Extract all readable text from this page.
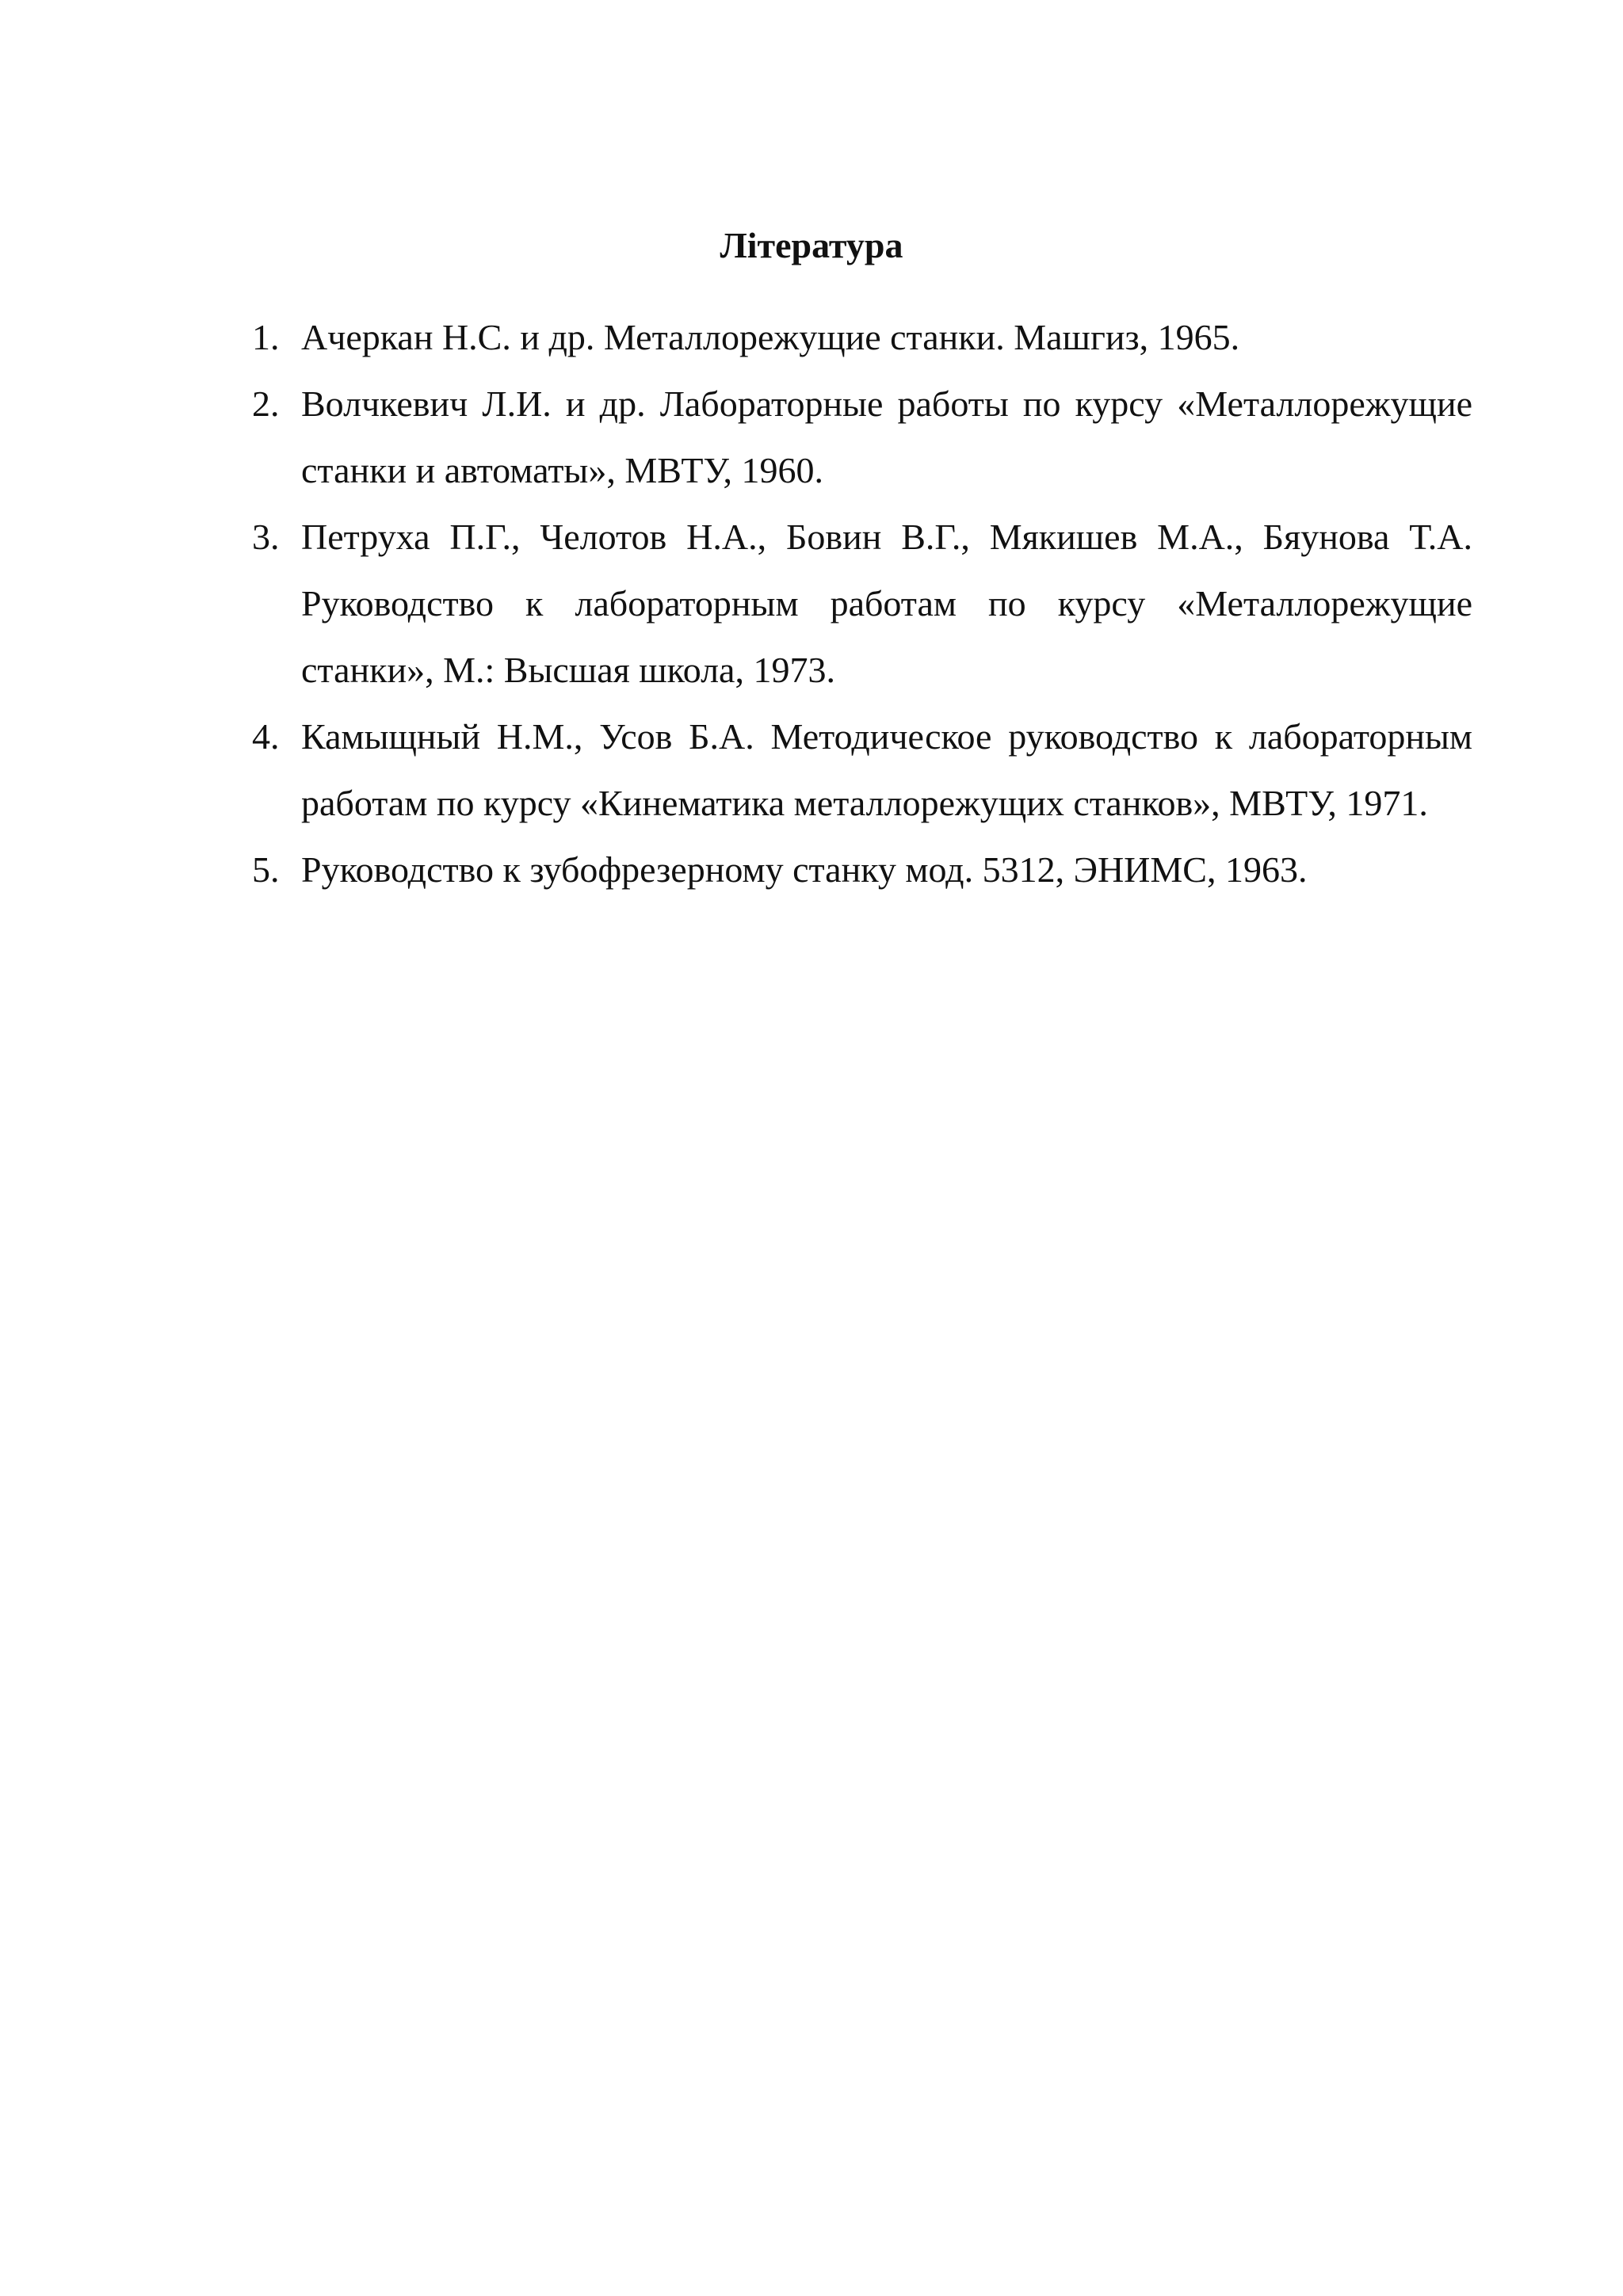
Література
1. Ачеркан Н.С. и др. Металлорежущие станки. Машгиз, 1965.
2. Волчкевич Л.И. и др. Лабораторные работы по курсу «Металлорежущие станки и автоматы», МВТУ, 1960.
3. Петруха П.Г., Челотов Н.А., Бовин В.Г., Мякишев М.А., Бяунова Т.А. Руководство к лабораторным работам по курсу «Металлорежущие станки», М.: Высшая школа, 1973.
4. Камыщный Н.М., Усов Б.А. Методическое руководство к лабораторным работам по курсу «Кинематика металлорежущих станков», МВТУ, 1971.
5. Руководство к зубофрезерному станку мод. 5312, ЭНИМС, 1963.
